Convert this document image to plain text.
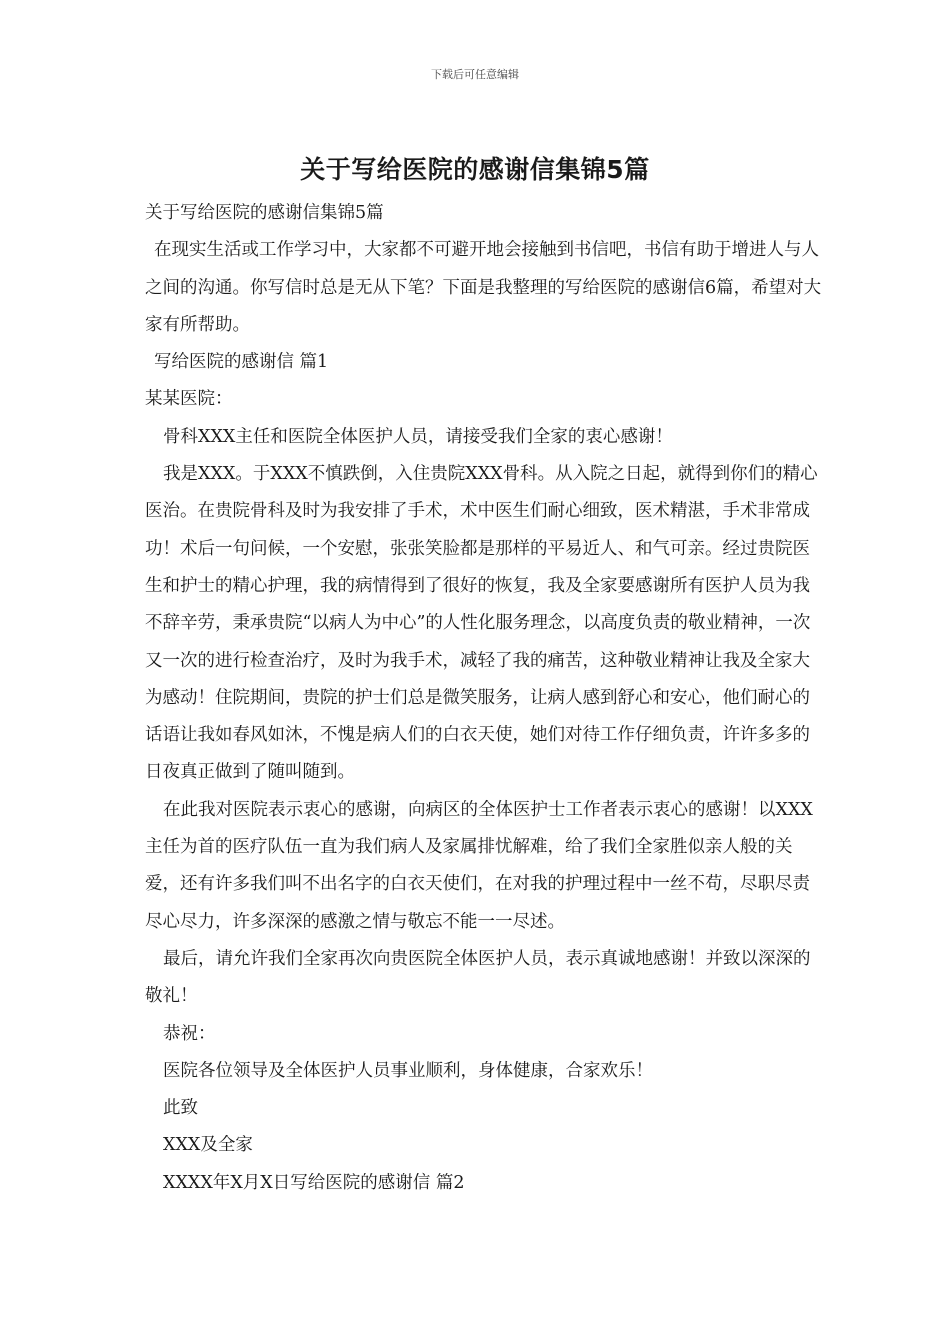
下载后可任意编辑
关于写给医院的感谢信集锦5篇

关于写给医院的感谢信集锦5篇

在现实生活或工作学习中，大家都不可避开地会接触到书信吧，书信有助于增进人与人之间的沟通。你写信时总是无从下笔？下面是我整理的写给医院的感谢信6篇，希望对大家有所帮助。

写给医院的感谢信 篇1

某某医院：

骨科XXX主任和医院全体医护人员，请接受我们全家的衷心感谢！

我是XXX。于XXX不慎跌倒，入住贵院XXX骨科。从入院之日起，就得到你们的精心医治。在贵院骨科及时为我安排了手术，术中医生们耐心细致，医术精湛，手术非常成功！术后一句问候，一个安慰，张张笑脸都是那样的平易近人、和气可亲。经过贵院医生和护士的精心护理，我的病情得到了很好的恢复，我及全家要感谢所有医护人员为我不辞辛劳，秉承贵院“以病人为中心”的人性化服务理念，以高度负责的敬业精神，一次又一次的进行检查治疗，及时为我手术，减轻了我的痛苦，这种敬业精神让我及全家大为感动！住院期间，贵院的护士们总是微笑服务，让病人感到舒心和安心，他们耐心的话语让我如春风如沐，不愧是病人们的白衣天使，她们对待工作仔细负责，许许多多的日夜真正做到了随叫随到。

在此我对医院表示衷心的感谢，向病区的全体医护士工作者表示衷心的感谢！以XXX主任为首的医疗队伍一直为我们病人及家属排忧解难，给了我们全家胜似亲人般的关爱，还有许多我们叫不出名字的白衣天使们，在对我的护理过程中一丝不苟，尽职尽责尽心尽力，许多深深的感激之情与敬忘不能一一尽述。

最后，请允许我们全家再次向贵医院全体医护人员，表示真诚地感谢！并致以深深的敬礼！

恭祝：

医院各位领导及全体医护人员事业顺利，身体健康，合家欢乐！

此致

XXX及全家

XXXX年X月X日写给医院的感谢信 篇2
